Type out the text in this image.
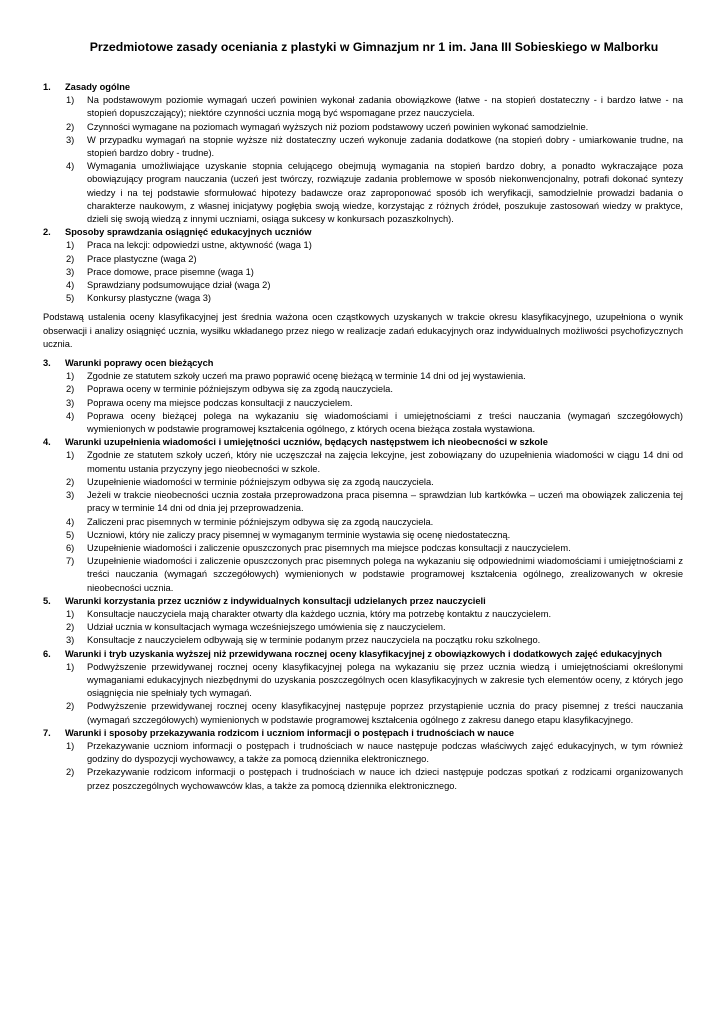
Przedmiotowe zasady oceniania z plastyki w Gimnazjum nr 1 im. Jana III Sobieskiego w Malborku
1. Zasady ogólne
1) Na podstawowym poziomie wymagań uczeń powinien wykonał zadania obowiązkowe (łatwe - na stopień dostateczny - i bardzo łatwe - na stopień dopuszczający); niektóre czynności ucznia mogą być wspomagane przez nauczyciela.
2) Czynności wymagane na poziomach wymagań wyższych niż poziom podstawowy uczeń powinien wykonać samodzielnie.
3) W przypadku wymagań na stopnie wyższe niż dostateczny uczeń wykonuje zadania dodatkowe (na stopień dobry - umiarkowanie trudne, na stopień bardzo dobry - trudne).
4) Wymagania umożliwiające uzyskanie stopnia celującego obejmują wymagania na stopień bardzo dobry, a ponadto wykraczające poza obowiązujący program nauczania (uczeń jest twórczy, rozwiązuje zadania problemowe w sposób niekonwencjonalny, potrafi dokonać syntezy wiedzy i na tej podstawie sformułować hipotezy badawcze oraz zaproponować sposób ich weryfikacji, samodzielnie prowadzi badania o charakterze naukowym, z własnej inicjatywy pogłębia swoją wiedze, korzystając z różnych źródeł, poszukuje zastosowań wiedzy w praktyce, dzieli się swoją wiedzą z innymi uczniami, osiąga sukcesy w konkursach pozaszkolnych).
2. Sposoby sprawdzania osiągnięć edukacyjnych uczniów
1) Praca na lekcji: odpowiedzi ustne, aktywność (waga 1)
2) Prace plastyczne (waga 2)
3) Prace domowe, prace pisemne (waga 1)
4) Sprawdziany podsumowujące dział (waga 2)
5) Konkursy plastyczne (waga 3)
Podstawą ustalenia oceny klasyfikacyjnej jest średnia ważona ocen cząstkowych uzyskanych w trakcie okresu klasyfikacyjnego, uzupełniona o wynik obserwacji i analizy osiągnięć ucznia, wysiłku wkładanego przez niego w realizacje zadań edukacyjnych oraz indywidualnych możliwości psychofizycznych ucznia.
3. Warunki poprawy ocen bieżących
1) Zgodnie ze statutem szkoły uczeń ma prawo poprawić ocenę bieżącą w terminie 14 dni od jej wystawienia.
2) Poprawa oceny w terminie późniejszym odbywa się za zgodą nauczyciela.
3) Poprawa oceny ma miejsce podczas konsultacji z nauczycielem.
4) Poprawa oceny bieżącej polega na wykazaniu się wiadomościami i umiejętnościami z treści nauczania (wymagań szczegółowych) wymienionych w podstawie programowej kształcenia ogólnego, z których ocena bieżąca została wystawiona.
4. Warunki uzupełnienia wiadomości i umiejętności uczniów, będących następstwem ich nieobecności w szkole
1) Zgodnie ze statutem szkoły uczeń, który nie uczęszczał na zajęcia lekcyjne, jest zobowiązany do uzupełnienia wiadomości w ciągu 14 dni od momentu ustania przyczyny jego nieobecności w szkole.
2) Uzupełnienie wiadomości w terminie późniejszym odbywa się za zgodą nauczyciela.
3) Jeżeli w trakcie nieobecności ucznia została przeprowadzona praca pisemna – sprawdzian lub kartkówka – uczeń ma obowiązek zaliczenia tej pracy w terminie 14 dni od dnia jej przeprowadzenia.
4) Zaliczeni prac pisemnych w terminie późniejszym odbywa się za zgodą nauczyciela.
5) Uczniowi, który nie zaliczy pracy pisemnej w wymaganym terminie wystawia się ocenę niedostateczną.
6) Uzupełnienie wiadomości i zaliczenie opuszczonych prac pisemnych ma miejsce podczas konsultacji z nauczycielem.
7) Uzupełnienie wiadomości i zaliczenie opuszczonych prac pisemnych polega na wykazaniu się odpowiednimi wiadomościami i umiejętnościami z treści nauczania (wymagań szczegółowych) wymienionych w podstawie programowej kształcenia ogólnego, zrealizowanych w okresie nieobecności ucznia.
5. Warunki korzystania przez uczniów z indywidualnych konsultacji udzielanych przez nauczycieli
1) Konsultacje nauczyciela mają charakter otwarty dla każdego ucznia, który ma potrzebę kontaktu z nauczycielem.
2) Udział ucznia w konsultacjach wymaga wcześniejszego umówienia się z nauczycielem.
3) Konsultacje z nauczycielem odbywają się w terminie podanym przez nauczyciela na początku roku szkolnego.
6. Warunki i tryb uzyskania wyższej niż przewidywana rocznej oceny klasyfikacyjnej z obowiązkowych i dodatkowych zajęć edukacyjnych
1) Podwyższenie przewidywanej rocznej oceny klasyfikacyjnej polega na wykazaniu się przez ucznia wiedzą i umiejętnościami określonymi wymaganiami edukacyjnych niezbędnymi do uzyskania poszczególnych ocen klasyfikacyjnych w zakresie tych elementów oceny, z których jego osiągnięcia nie spełniały tych wymagań.
2) Podwyższenie przewidywanej rocznej oceny klasyfikacyjnej następuje poprzez przystąpienie ucznia do pracy pisemnej z treści nauczania (wymagań szczegółowych) wymienionych w podstawie programowej kształcenia ogólnego z zakresu danego etapu klasyfikacyjnego.
7. Warunki i sposoby przekazywania rodzicom i uczniom informacji o postępach i trudnościach w nauce
1) Przekazywanie uczniom informacji o postępach i trudnościach w nauce następuje podczas właściwych zajęć edukacyjnych, w tym również godziny do dyspozycji wychowawcy, a także za pomocą dziennika elektronicznego.
2) Przekazywanie rodzicom informacji o postępach i trudnościach w nauce ich dzieci następuje podczas spotkań z rodzicami organizowanych przez poszczególnych wychowawców klas, a także za pomocą dziennika elektronicznego.
